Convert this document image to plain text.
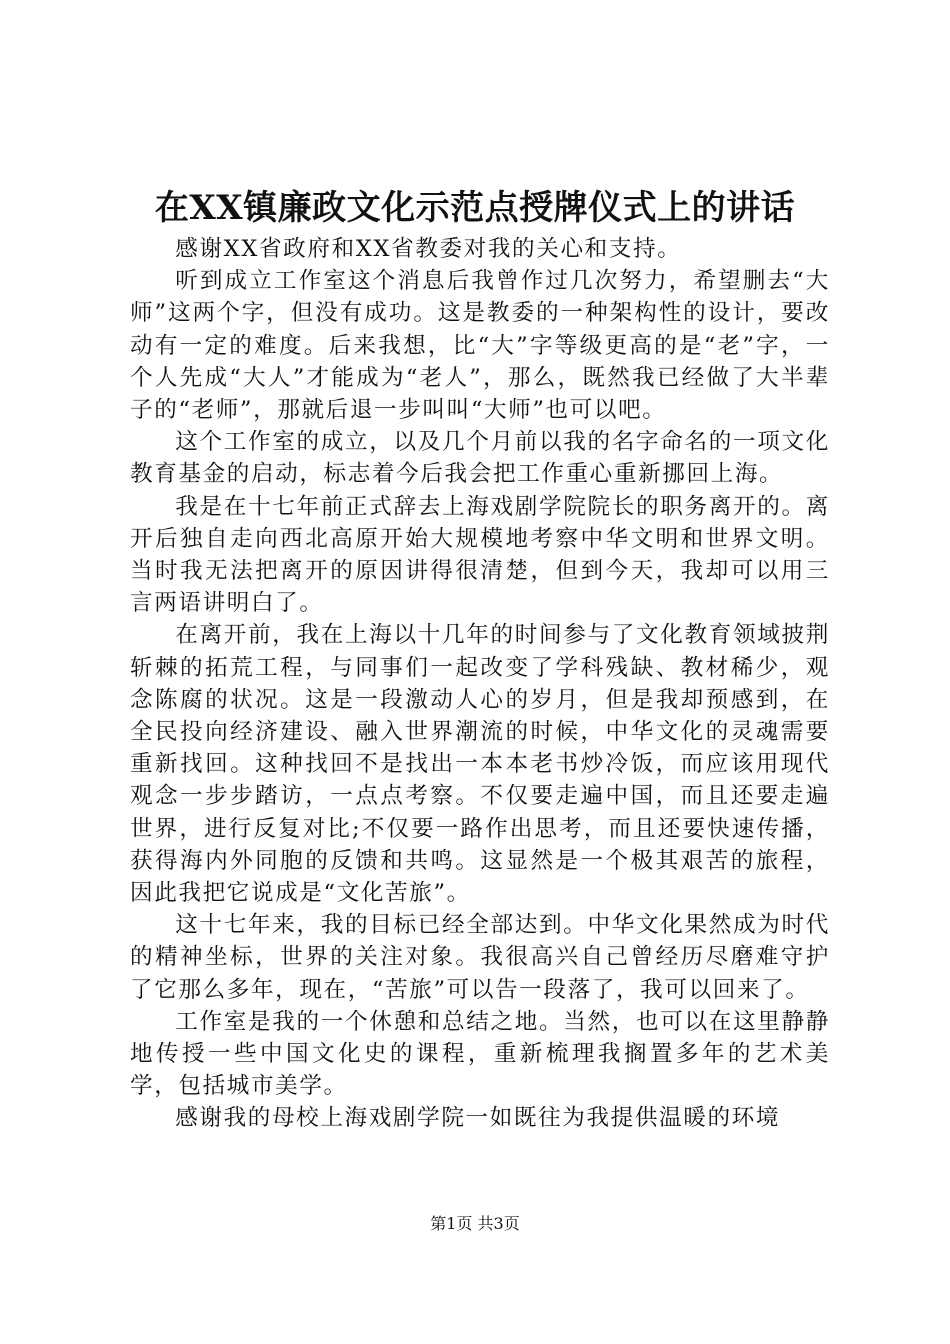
在XX镇廉政文化示范点授牌仪式上的讲话

感谢XX省政府和XX省教委对我的关心和支持。

听到成立工作室这个消息后我曾作过几次努力，希望删去“大师”这两个字，但没有成功。这是教委的一种架构性的设计，要改动有一定的难度。后来我想，比“大”字等级更高的是“老”字，一个人先成“大人”才能成为“老人”，那么，既然我已经做了大半辈子的“老师”，那就后退一步叫叫“大师”也可以吧。

这个工作室的成立，以及几个月前以我的名字命名的一项文化教育基金的启动，标志着今后我会把工作重心重新挪回上海。

我是在十七年前正式辞去上海戏剧学院院长的职务离开的。离开后独自走向西北高原开始大规模地考察中华文明和世界文明。当时我无法把离开的原因讲得很清楚，但到今天，我却可以用三言两语讲明白了。

在离开前，我在上海以十几年的时间参与了文化教育领域披荆斩棘的拓荒工程，与同事们一起改变了学科残缺、教材稀少，观念陈腐的状况。这是一段激动人心的岁月，但是我却预感到，在全民投向经济建设、融入世界潮流的时候，中华文化的灵魂需要重新找回。这种找回不是找出一本本老书炒冷饭，而应该用现代观念一步步踏访，一点点考察。不仅要走遍中国，而且还要走遍世界，进行反复对比;不仅要一路作出思考，而且还要快速传播，获得海内外同胞的反馈和共鸣。这显然是一个极其艰苦的旅程，因此我把它说成是“文化苦旅”。

这十七年来，我的目标已经全部达到。中华文化果然成为时代的精神坐标，世界的关注对象。我很高兴自己曾经历尽磨难守护了它那么多年，现在，“苦旅”可以告一段落了，我可以回来了。

工作室是我的一个休憩和总结之地。当然，也可以在这里静静地传授一些中国文化史的课程，重新梳理我搁置多年的艺术美学，包括城市美学。

感谢我的母校上海戏剧学院一如既往为我提供温暖的环境

第1页 共3页
